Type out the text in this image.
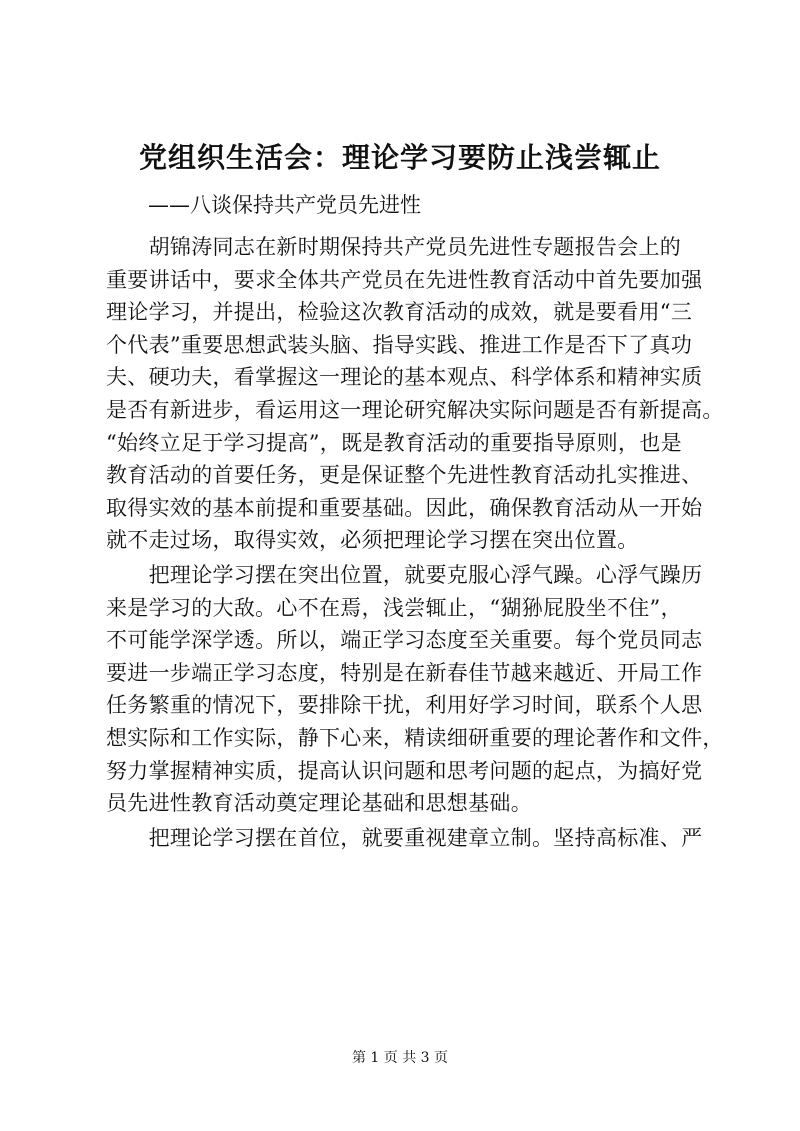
党组织生活会：理论学习要防止浅尝辄止
——八谈保持共产党员先进性
　　胡锦涛同志在新时期保持共产党员先进性专题报告会上的
重要讲话中，要求全体共产党员在先进性教育活动中首先要加强
理论学习，并提出，检验这次教育活动的成效，就是要看用“三
个代表”重要思想武装头脑、指导实践、推进工作是否下了真功
夫、硬功夫，看掌握这一理论的基本观点、科学体系和精神实质
是否有新进步，看运用这一理论研究解决实际问题是否有新提高。
“始终立足于学习提高”，既是教育活动的重要指导原则，也是
教育活动的首要任务，更是保证整个先进性教育活动扎实推进、
取得实效的基本前提和重要基础。因此，确保教育活动从一开始
就不走过场，取得实效，必须把理论学习摆在突出位置。
　　把理论学习摆在突出位置，就要克服心浮气躁。心浮气躁历
来是学习的大敌。心不在焉，浅尝辄止，“猢狲屁股坐不住”，
不可能学深学透。所以，端正学习态度至关重要。每个党员同志
要进一步端正学习态度，特别是在新春佳节越来越近、开局工作
任务繁重的情况下，要排除干扰，利用好学习时间，联系个人思
想实际和工作实际，静下心来，精读细研重要的理论著作和文件，
努力掌握精神实质，提高认识问题和思考问题的起点，为搞好党
员先进性教育活动奠定理论基础和思想基础。
　　把理论学习摆在首位，就要重视建章立制。坚持高标准、严
第 1 页 共 3 页
